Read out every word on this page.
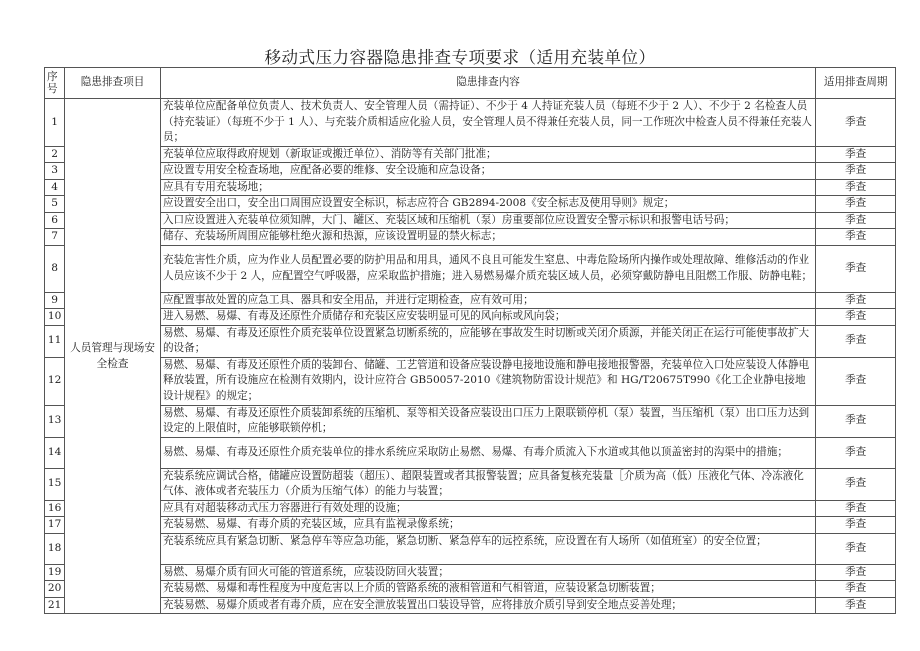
移动式压力容器隐患排查专项要求（适用充装单位）
序号	隐患排查项目	隐患排查内容	适用排查周期
1	人员管理与现场安全检查	充装单位应配备单位负责人、技术负责人、安全管理人员（需持证）、不少于 4 人持证充装人员（每班不少于 2 人）、不少于 2 名检查人员（持充装证）（每班不少于 1 人）、与充装介质相适应化验人员，安全管理人员不得兼任充装人员，同一工作班次中检查人员不得兼任充装人员；	季查
2		充装单位应取得政府规划（新取证或搬迁单位）、消防等有关部门批准；	季查
3		应设置专用安全检查场地，应配备必要的维修、安全设施和应急设备；	季查
4		应具有专用充装场地；	季查
5		应设置安全出口，安全出口周围应设置安全标识，标志应符合 GB2894-2008《安全标志及使用导则》规定；	季查
6		入口应设置进入充装单位须知牌，大门、罐区、充装区域和压缩机（泵）房重要部位应设置安全警示标识和报警电话号码；	季查
7		储存、充装场所周围应能够杜绝火源和热源，应该设置明显的禁火标志；	季查
8		充装危害性介质，应为作业人员配置必要的防护用品和用具，通风不良且可能发生窒息、中毒危险场所内操作或处理故障、维修活动的作业人员应该不少于 2 人，应配置空气呼吸器，应采取监护措施；进入易燃易爆介质充装区域人员，必须穿戴防静电且阻燃工作服、防静电鞋；	季查
9		应配置事故处置的应急工具、器具和安全用品，并进行定期检查，应有效可用；	季查
10		进入易燃、易爆、有毒及还原性介质储存和充装区应安装明显可见的风向标或风向袋；	季查
11		易燃、易爆、有毒及还原性介质充装单位设置紧急切断系统的，应能够在事故发生时切断或关闭介质源，并能关闭正在运行可能使事故扩大的设备；	季查
12		易燃、易爆、有毒及还原性介质的装卸台、储罐、工艺管道和设备应装设静电接地设施和静电接地报警器，充装单位入口处应装设人体静电释放装置，所有设施应在检测有效期内，设计应符合 GB50057-2010《建筑物防雷设计规范》和 HG/T20675T990《化工企业静电接地设计规程》的规定；	季查
13		易燃、易爆、有毒及还原性介质装卸系统的压缩机、泵等相关设备应装设出口压力上限联锁停机（泵）装置，当压缩机（泵）出口压力达到设定的上限值时，应能够联锁停机；	季查
14		易燃、易爆、有毒及还原性介质充装单位的排水系统应采取防止易燃、易爆、有毒介质流入下水道或其他以顶盖密封的沟渠中的措施；	季查
15		充装系统应调试合格，储罐应设置防超装（超压）、超限装置或者其报警装置；应具备复核充装量［介质为高（低）压液化气体、冷冻液化气体、液体或者充装压力（介质为压缩气体）的能力与装置；	季查
16		应具有对超装移动式压力容器进行有效处理的设施；	季查
17		充装易燃、易爆、有毒介质的充装区域，应具有监视录像系统；	季查
18		充装系统应具有紧急切断、紧急停车等应急功能，紧急切断、紧急停车的远控系统，应设置在有人场所（如值班室）的安全位置；	季查
19		易燃、易爆介质有回火可能的管道系统，应装设防回火装置；	季查
20		充装易燃、易爆和毒性程度为中度危害以上介质的管路系统的液相管道和气相管道，应装设紧急切断装置；	季查
21		充装易燃、易爆介质或者有毒介质，应在安全泄放装置出口装设导管，应将排放介质引导到安全地点妥善处理；	季查
